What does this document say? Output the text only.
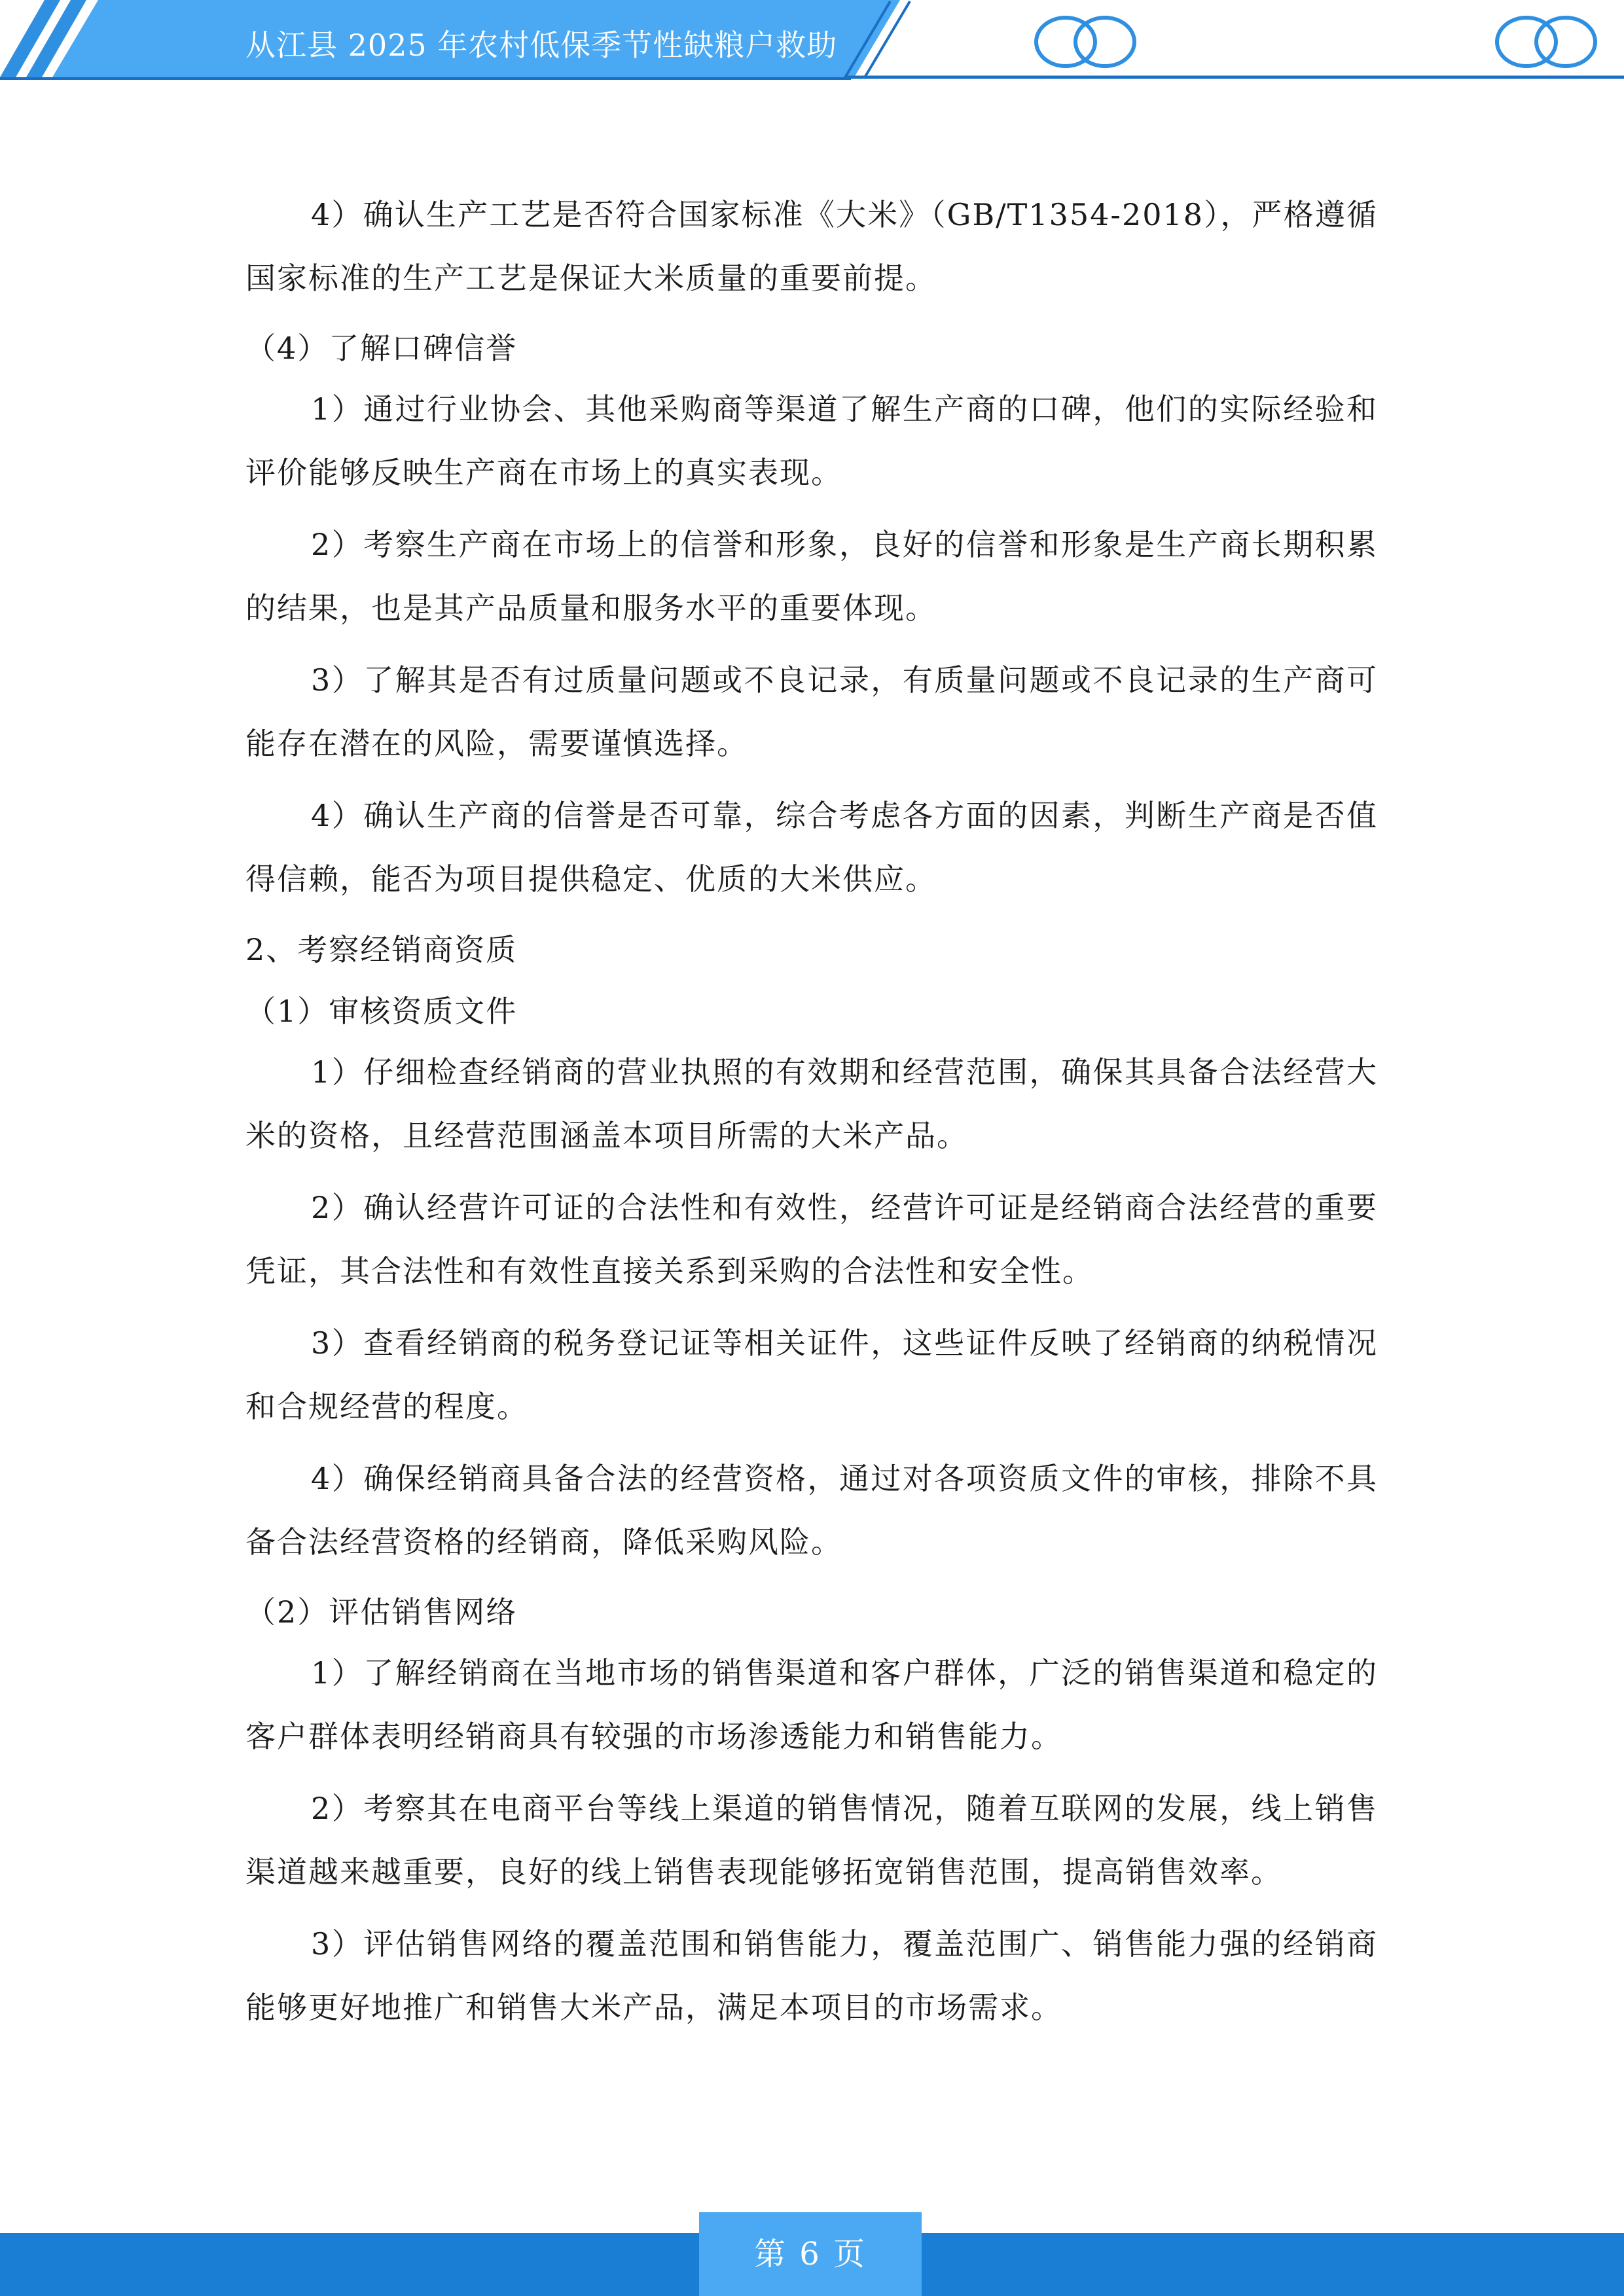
从江县 2025 年农村低保季节性缺粮户救助

4）确认生产工艺是否符合国家标准《大米》（GB/T1354-2018），严格遵循国家标准的生产工艺是保证大米质量的重要前提。

（4）了解口碑信誉

1）通过行业协会、其他采购商等渠道了解生产商的口碑，他们的实际经验和评价能够反映生产商在市场上的真实表现。

2）考察生产商在市场上的信誉和形象，良好的信誉和形象是生产商长期积累的结果，也是其产品质量和服务水平的重要体现。

3）了解其是否有过质量问题或不良记录，有质量问题或不良记录的生产商可能存在潜在的风险，需要谨慎选择。

4）确认生产商的信誉是否可靠，综合考虑各方面的因素，判断生产商是否值得信赖，能否为项目提供稳定、优质的大米供应。

2、考察经销商资质

（1）审核资质文件

1）仔细检查经销商的营业执照的有效期和经营范围，确保其具备合法经营大米的资格，且经营范围涵盖本项目所需的大米产品。

2）确认经营许可证的合法性和有效性，经营许可证是经销商合法经营的重要凭证，其合法性和有效性直接关系到采购的合法性和安全性。

3）查看经销商的税务登记证等相关证件，这些证件反映了经销商的纳税情况和合规经营的程度。

4）确保经销商具备合法的经营资格，通过对各项资质文件的审核，排除不具备合法经营资格的经销商，降低采购风险。

（2）评估销售网络

1）了解经销商在当地市场的销售渠道和客户群体，广泛的销售渠道和稳定的客户群体表明经销商具有较强的市场渗透能力和销售能力。

2）考察其在电商平台等线上渠道的销售情况，随着互联网的发展，线上销售渠道越来越重要，良好的线上销售表现能够拓宽销售范围，提高销售效率。

3）评估销售网络的覆盖范围和销售能力，覆盖范围广、销售能力强的经销商能够更好地推广和销售大米产品，满足本项目的市场需求。

第 6 页
